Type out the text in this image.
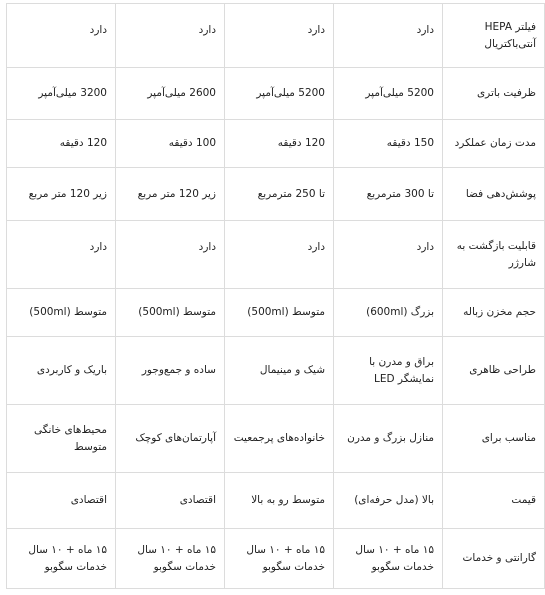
فیلتر HEPA آنتی‌باکتریال	دارد	دارد	دارد	دارد
ظرفیت باتری	5200 میلی‌آمپر	5200 میلی‌آمپر	2600 میلی‌آمپر	3200 میلی‌آمپر
مدت زمان عملکرد	150 دقیقه	120 دقیقه	100 دقیقه	120 دقیقه
پوشش‌دهی فضا	تا 300 مترمربع	تا 250 مترمربع	زیر 120 متر مربع	زیر 120 متر مربع
قابلیت بازگشت به شارژر	دارد	دارد	دارد	دارد
حجم مخزن زباله	بزرگ (600ml)	متوسط (500ml)	متوسط (500ml)	متوسط (500ml)
طراحی ظاهری	براق و مدرن با نمایشگر LED	شیک و مینیمال	ساده و جمع‌وجور	باریک و کاربردی
مناسب برای	منازل بزرگ و مدرن	خانواده‌های پرجمعیت	آپارتمان‌های کوچک	محیط‌های خانگی متوسط
قیمت	بالا (مدل حرفه‌ای)	متوسط رو به بالا	اقتصادی	اقتصادی
گارانتی و خدمات	۱۵ ماه + ۱۰ سال خدمات سگوبو	۱۵ ماه + ۱۰ سال خدمات سگوبو	۱۵ ماه + ۱۰ سال خدمات سگوبو	۱۵ ماه + ۱۰ سال خدمات سگوبو
